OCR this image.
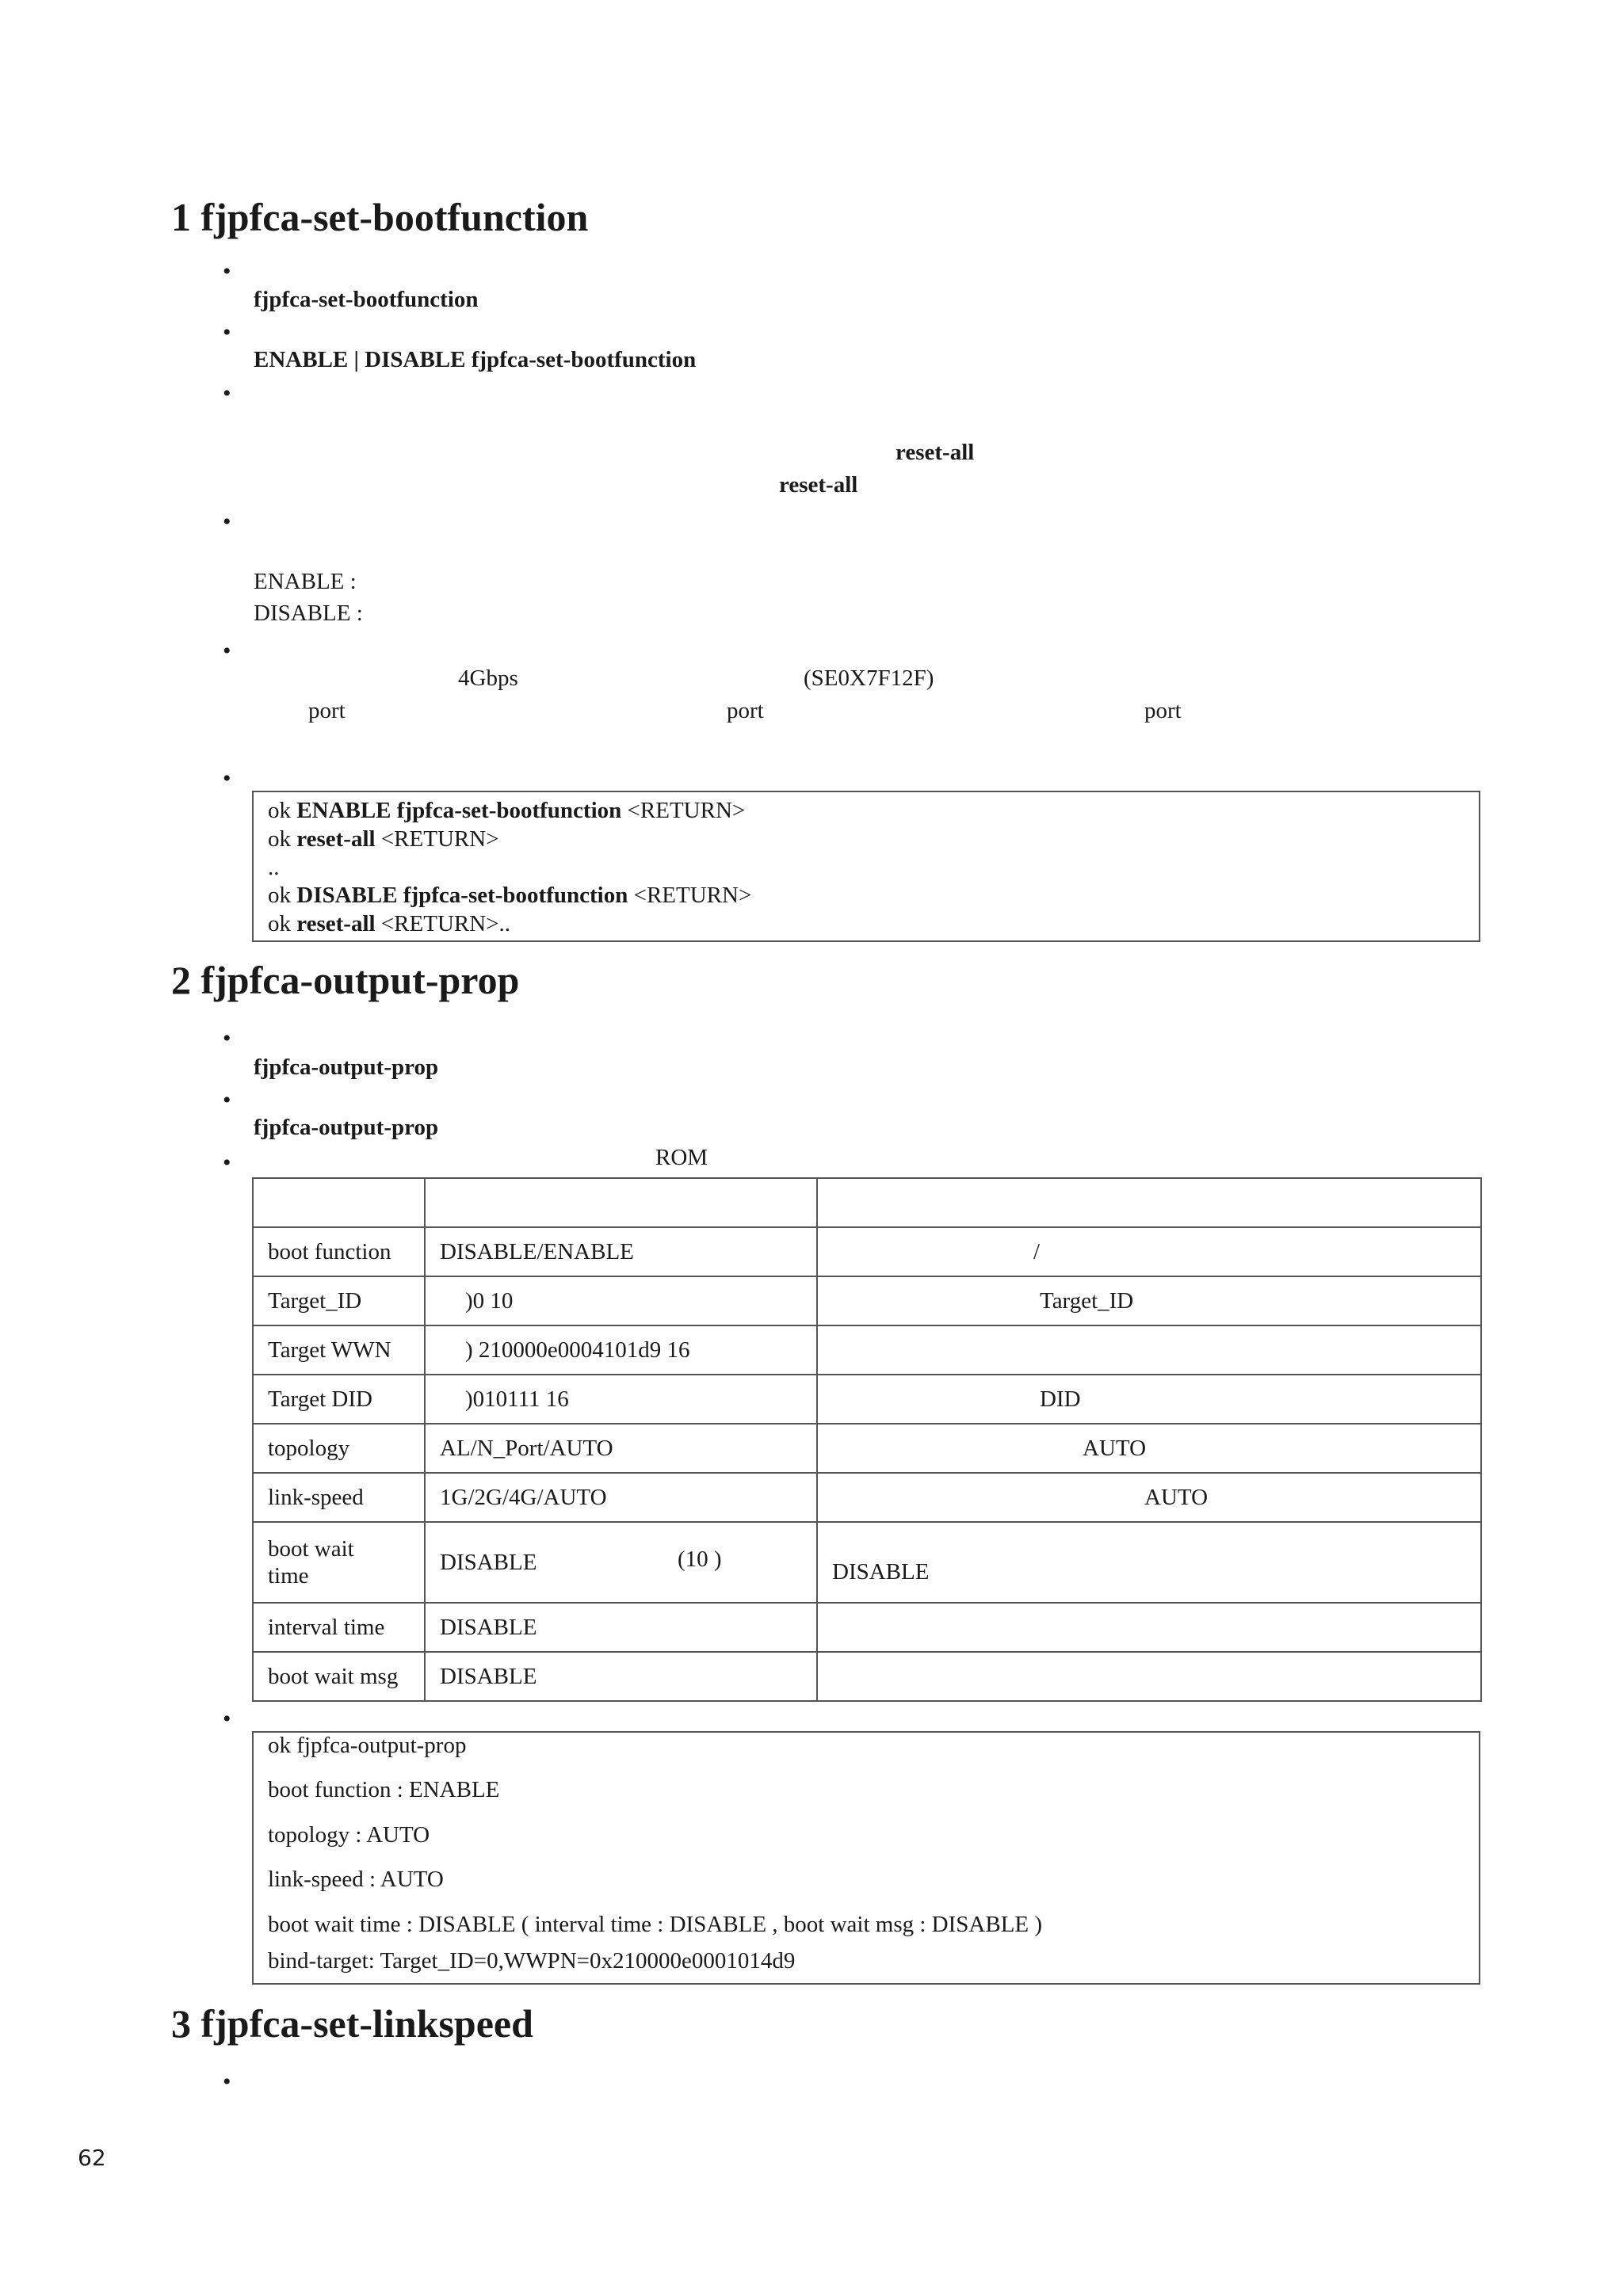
1 fjpfca-set-bootfunction
•
fjpfca-set-bootfunction
•
ENABLE | DISABLE fjpfca-set-bootfunction
•
reset-all
reset-all
•
ENABLE :
DISABLE :
•
4Gbps	(SE0X7F12F)
port	port	port
•
ok ENABLE fjpfca-set-bootfunction <RETURN>
ok reset-all <RETURN>
..
ok DISABLE fjpfca-set-bootfunction <RETURN>
ok reset-all <RETURN>..
2 fjpfca-output-prop
•
fjpfca-output-prop
•
fjpfca-output-prop
•	ROM

boot function	DISABLE/ENABLE	/
Target_ID	)0 10	Target_ID
Target WWN	) 210000e0004101d9 16	
Target DID	)010111 16	DID
topology	AL/N_Port/AUTO	AUTO
link-speed	1G/2G/4G/AUTO	AUTO
boot wait time	DISABLE (10 )	DISABLE
interval time	DISABLE	
boot wait msg	DISABLE	
•
ok fjpfca-output-prop
boot function : ENABLE
topology : AUTO
link-speed : AUTO
boot wait time : DISABLE ( interval time : DISABLE , boot wait msg : DISABLE )
bind-target: Target_ID=0,WWPN=0x210000e0001014d9
3 fjpfca-set-linkspeed
•
62
